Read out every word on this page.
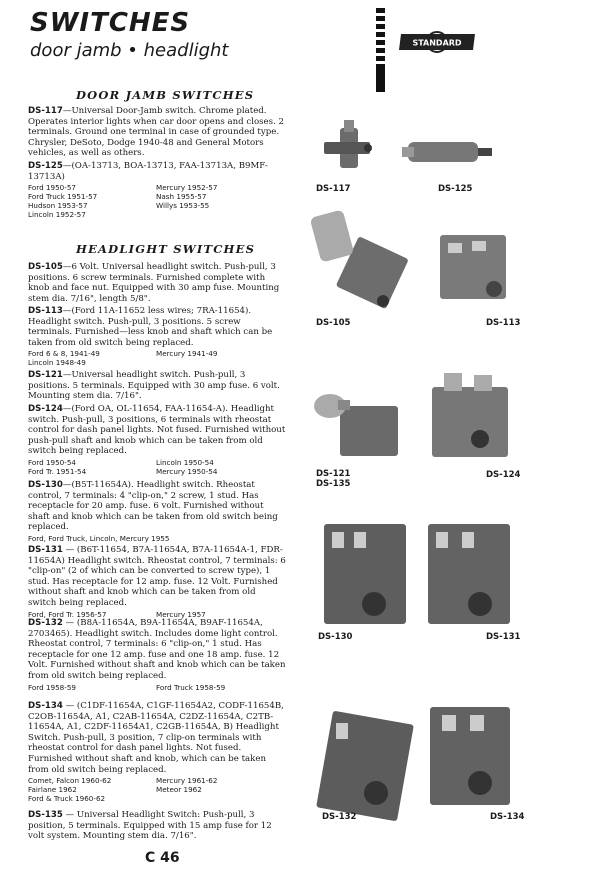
SWITCHES
door jamb • headlight	STANDARD
DOOR JAMB SWITCHES
HEADLIGHT SWITCHES
DS-117—Universal Door-Jamb switch. Chrome plated. Operates interior lights when car door opens and closes. 2 terminals. Ground one terminal in case of grounded type. Chrysler, DeSoto, Dodge 1940-48 and General Motors vehicles, as well as others.
DS-125—(OA-13713, BOA-13713, FAA-13713A, B9MF-13713A)
Ford 1950-57	Mercury 1952-57
Ford Truck 1951-57	Nash 1955-57
Hudson 1953-57	Willys 1953-55
Lincoln 1952-57
DS-105—6 Volt. Universal headlight switch. Push-pull, 3 positions. 6 screw terminals. Furnished complete with knob and face nut. Equipped with 30 amp fuse. Mounting stem dia. 7/16", length 5/8".
DS-113—(Ford 11A-11652 less wires; 7RA-11654). Headlight switch. Push-pull, 3 positions. 5 screw terminals. Furnished—less knob and shaft which can be taken from old switch being replaced.
Ford 6 & 8, 1941-49	Mercury 1941-49
Lincoln 1948-49
DS-121—Universal headlight switch. Push-pull, 3 positions. 5 terminals. Equipped with 30 amp fuse. 6 volt. Mounting stem dia. 7/16".
DS-124—(Ford OA, OL-11654, FAA-11654-A). Headlight switch. Push-pull, 3 positions, 6 terminals with rheostat control for dash panel lights. Not fused. Furnished without push-pull shaft and knob which can be taken from old switch being replaced.
Ford 1950-54	Lincoln 1950-54
Ford Tr. 1951-54	Mercury 1950-54
DS-130—(B5T-11654A). Headlight switch. Rheostat control, 7 terminals: 4 "clip-on," 2 screw, 1 stud. Has receptacle for 20 amp. fuse. 6 volt. Furnished without shaft and knob which can be taken from old switch being replaced.
Ford, Ford Truck, Lincoln, Mercury 1955
DS-131 — (B6T-11654, B7A-11654A, B7A-11654A-1, FDR-11654A) Headlight switch. Rheostat control, 7 terminals: 6 "clip-on" (2 of which can be converted to screw type), 1 stud. Has receptacle for 12 amp. fuse. 12 Volt. Furnished without shaft and knob which can be taken from old switch being replaced.
Ford, Ford Tr. 1956-57	Mercury 1957
DS-132 — (B8A-11654A, B9A-11654A, B9AF-11654A, 2703465). Headlight switch. Includes dome light control. Rheostat control, 7 terminals: 6 "clip-on," 1 stud. Has receptacle for one 12 amp. fuse and one 18 amp. fuse. 12 Volt. Furnished without shaft and knob which can be taken from old switch being replaced.
Ford 1958-59	Ford Truck 1958-59
DS-134 — (C1DF-11654A, C1GF-11654A2, CODF-11654B, C2OB-11654A, A1, C2AB-11654A, C2DZ-11654A, C2TB-11654A, A1, C2DF-11654A1, C2GB-11654A, B) Headlight Switch. Push-pull, 3 position, 7 clip-on terminals with rheostat control for dash panel lights. Not fused. Furnished without shaft and knob, which can be taken from old switch being replaced.
Comet, Falcon 1960-62	Mercury 1961-62
Fairlane 1962	Meteor 1962
Ford & Truck 1960-62
DS-135 — Universal Headlight Switch: Push-pull, 3 position, 5 terminals. Equipped with 15 amp fuse for 12 volt system. Mounting stem dia. 7/16".
C 46
DS-117	DS-125
DS-105	DS-113
DS-121
DS-135
DS-124
DS-130	DS-131
DS-132	DS-134
